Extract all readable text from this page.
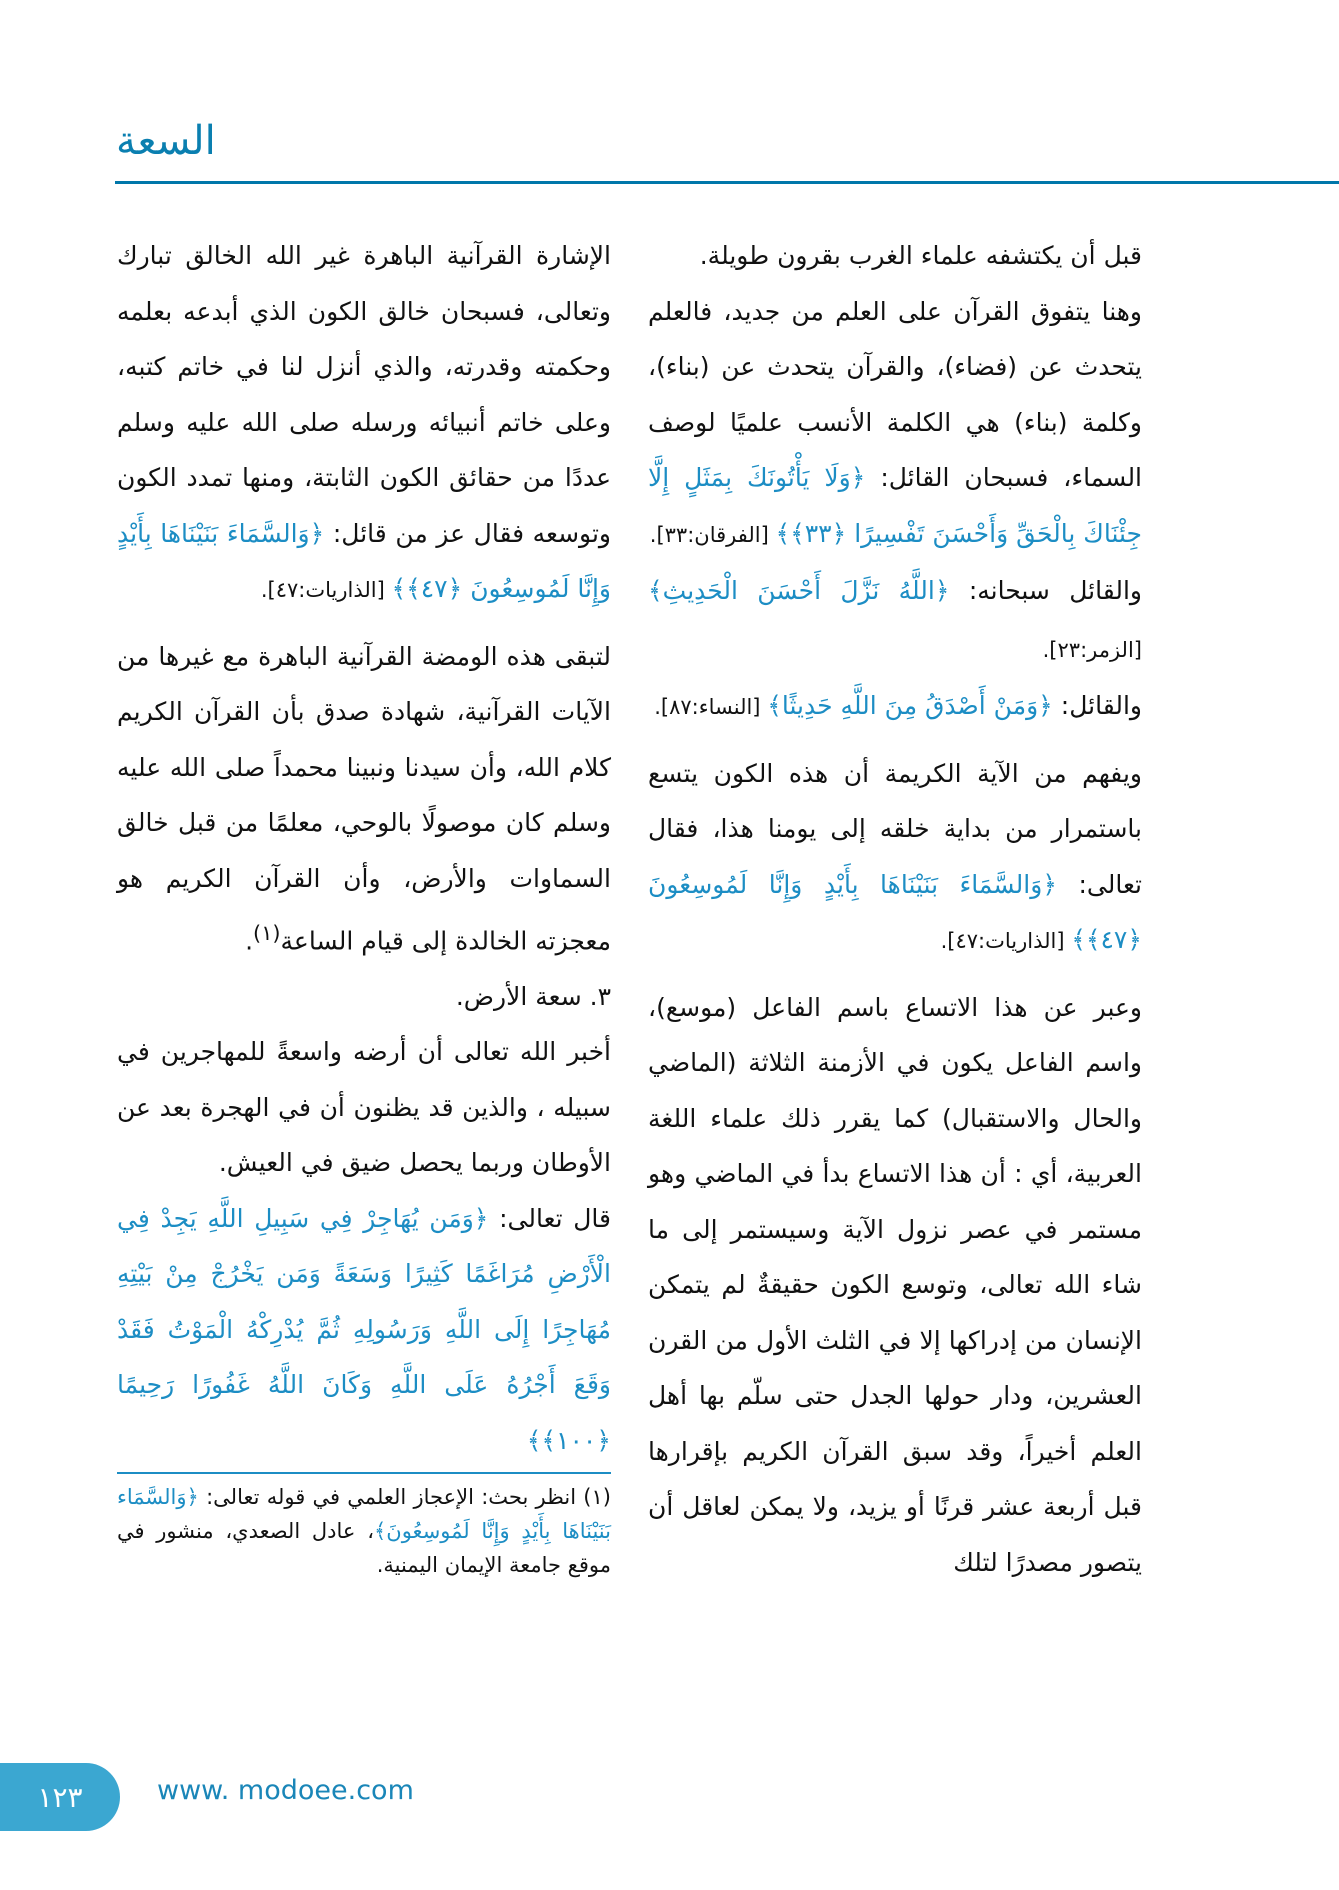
السعة

قبل أن يكتشفه علماء الغرب بقرون طويلة.

وهنا يتفوق القرآن على العلم من جديد، فالعلم يتحدث عن (فضاء)، والقرآن يتحدث عن (بناء)، وكلمة (بناء) هي الكلمة الأنسب علميًا لوصف السماء، فسبحان القائل: ﴿وَلَا يَأْتُونَكَ بِمَثَلٍ إِلَّا جِئْنَاكَ بِالْحَقِّ وَأَحْسَنَ تَفْسِيرًا ﴿٣٣﴾﴾ [الفرقان:٣٣].

والقائل سبحانه: ﴿اللَّهُ نَزَّلَ أَحْسَنَ الْحَدِيثِ﴾ [الزمر:٢٣].

والقائل: ﴿وَمَنْ أَصْدَقُ مِنَ اللَّهِ حَدِيثًا﴾ [النساء:٨٧].

ويفهم من الآية الكريمة أن هذه الكون يتسع باستمرار من بداية خلقه إلى يومنا هذا، فقال تعالى: ﴿وَالسَّمَاءَ بَنَيْنَاهَا بِأَيْدٍ وَإِنَّا لَمُوسِعُونَ ﴿٤٧﴾﴾ [الذاريات:٤٧].

وعبر عن هذا الاتساع باسم الفاعل (موسع)، واسم الفاعل يكون في الأزمنة الثلاثة (الماضي والحال والاستقبال) كما يقرر ذلك علماء اللغة العربية، أي : أن هذا الاتساع بدأ في الماضي وهو مستمر في عصر نزول الآية وسيستمر إلى ما شاء الله تعالى، وتوسع الكون حقيقةٌ لم يتمكن الإنسان من إدراكها إلا في الثلث الأول من القرن العشرين، ودار حولها الجدل حتى سلّم بها أهل العلم أخيراً، وقد سبق القرآن الكريم بإقرارها قبل أربعة عشر قرنًا أو يزيد، ولا يمكن لعاقل أن يتصور مصدرًا لتلك

الإشارة القرآنية الباهرة غير الله الخالق تبارك وتعالى، فسبحان خالق الكون الذي أبدعه بعلمه وحكمته وقدرته، والذي أنزل لنا في خاتم كتبه، وعلى خاتم أنبيائه ورسله صلى الله عليه وسلم عددًا من حقائق الكون الثابتة، ومنها تمدد الكون وتوسعه فقال عز من قائل: ﴿وَالسَّمَاءَ بَنَيْنَاهَا بِأَيْدٍ وَإِنَّا لَمُوسِعُونَ ﴿٤٧﴾﴾ [الذاريات:٤٧].

لتبقى هذه الومضة القرآنية الباهرة مع غيرها من الآيات القرآنية، شهادة صدق بأن القرآن الكريم كلام الله، وأن سيدنا ونبينا محمداً صلى الله عليه وسلم كان موصولًا بالوحي، معلمًا من قبل خالق السماوات والأرض، وأن القرآن الكريم هو معجزته الخالدة إلى قيام الساعة$^{(١)}$.

٣. سعة الأرض.

أخبر الله تعالى أن أرضه واسعةً للمهاجرين في سبيله ، والذين قد يظنون أن في الهجرة بعد عن الأوطان وربما يحصل ضيق في العيش.

قال تعالى: ﴿وَمَن يُهَاجِرْ فِي سَبِيلِ اللَّهِ يَجِدْ فِي الْأَرْضِ مُرَاغَمًا كَثِيرًا وَسَعَةً وَمَن يَخْرُجْ مِنْ بَيْتِهِ مُهَاجِرًا إِلَى اللَّهِ وَرَسُولِهِ ثُمَّ يُدْرِكْهُ الْمَوْتُ فَقَدْ وَقَعَ أَجْرُهُ عَلَى اللَّهِ وَكَانَ اللَّهُ غَفُورًا رَحِيمًا ﴿١٠٠﴾﴾

(١) انظر بحث: الإعجاز العلمي في قوله تعالى: ﴿وَالسَّمَاء بَنَيْنَاهَا بِأَيْدٍ وَإِنَّا لَمُوسِعُونَ﴾، عادل الصعدي، منشور في موقع جامعة الإيمان اليمنية.

١٢٣	www. modoee.com
